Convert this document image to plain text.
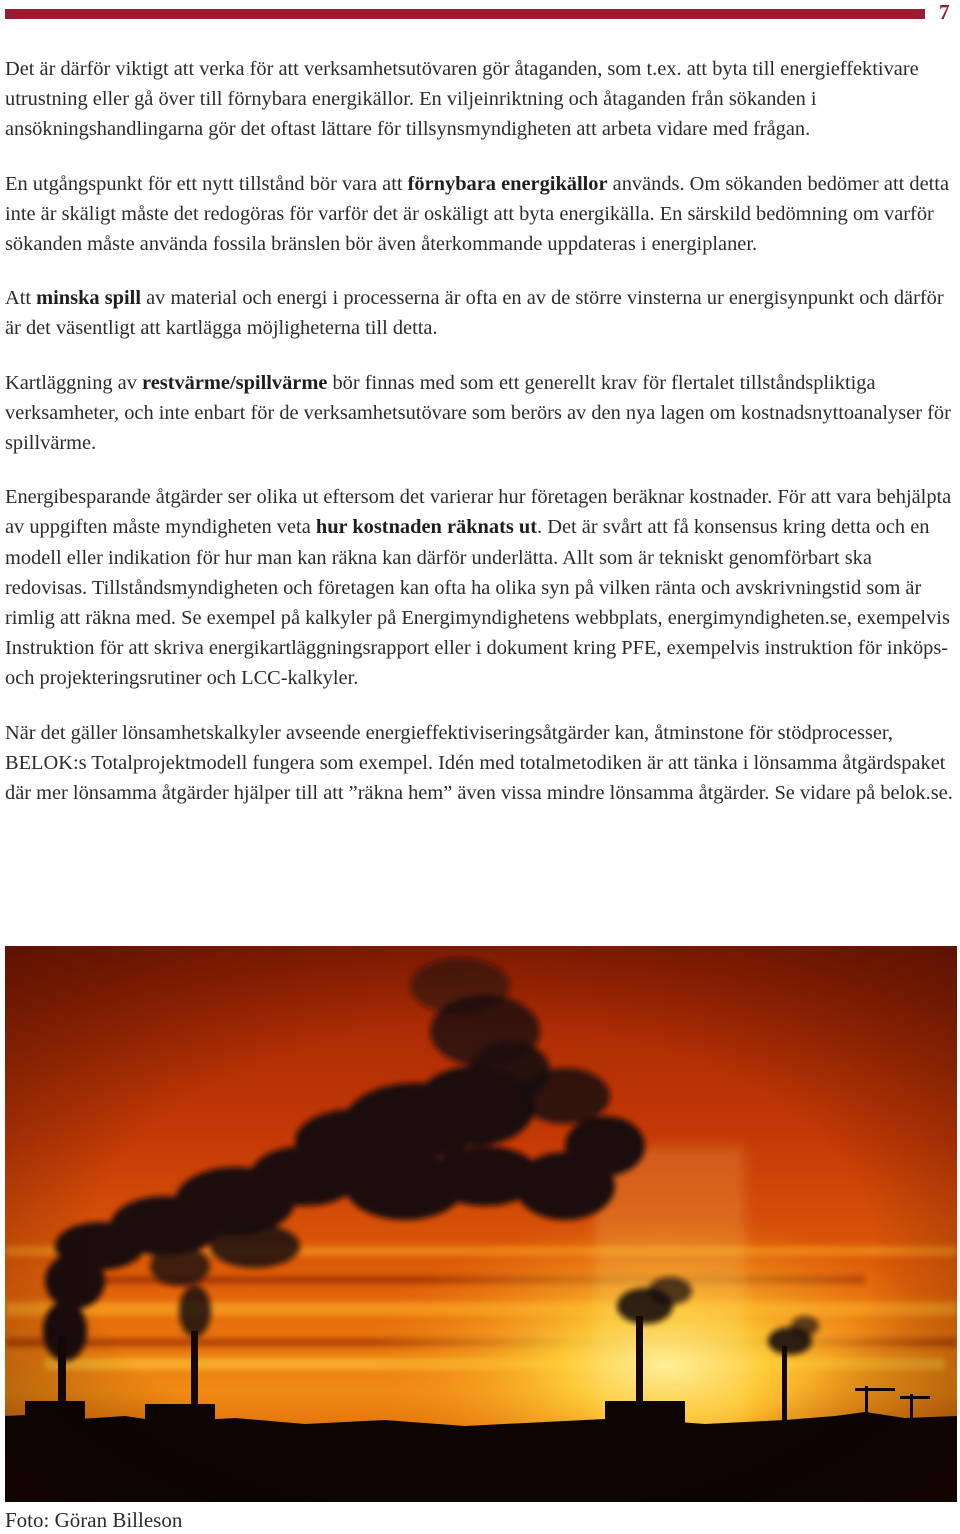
7

Det är därför viktigt att verka för att verksamhetsutövaren gör åtaganden, som t.ex. att byta till energieffektivare utrustning eller gå över till förnybara energikällor. En viljeinriktning och åtaganden från sökanden i ansökningshandlingarna gör det oftast lättare för tillsynsmyndigheten att arbeta vidare med frågan.

En utgångspunkt för ett nytt tillstånd bör vara att förnybara energikällor används. Om sökanden bedömer att detta inte är skäligt måste det redogöras för varför det är oskäligt att byta energikälla. En särskild bedömning om varför sökanden måste använda fossila bränslen bör även återkommande uppdateras i energiplaner.

Att minska spill av material och energi i processerna är ofta en av de större vinsterna ur energisynpunkt och därför är det väsentligt att kartlägga möjligheterna till detta.

Kartläggning av restvärme/spillvärme bör finnas med som ett generellt krav för flertalet tillståndspliktiga verksamheter, och inte enbart för de verksamhetsutövare som berörs av den nya lagen om kostnadsnyttoanalyser för spillvärme.

Energibesparande åtgärder ser olika ut eftersom det varierar hur företagen beräknar kostnader. För att vara behjälpta av uppgiften måste myndigheten veta hur kostnaden räknats ut. Det är svårt att få konsensus kring detta och en modell eller indikation för hur man kan räkna kan därför underlätta. Allt som är tekniskt genomförbart ska redovisas. Tillståndsmyndigheten och företagen kan ofta ha olika syn på vilken ränta och avskrivningstid som är rimlig att räkna med. Se exempel på kalkyler på Energimyndighetens webbplats, energimyndigheten.se, exempelvis Instruktion för att skriva energikartläggningsrapport eller i dokument kring PFE, exempelvis instruktion för inköps- och projekteringsrutiner och LCC-kalkyler.

När det gäller lönsamhetskalkyler avseende energieffektiviseringsåtgärder kan, åtminstone för stödprocesser, BELOK:s Totalprojektmodell fungera som exempel. Idén med totalmetodiken är att tänka i lönsamma åtgärdspaket där mer lönsamma åtgärder hjälper till att ”räkna hem” även vissa mindre lönsamma åtgärder. Se vidare på belok.se.

Foto: Göran Billeson
